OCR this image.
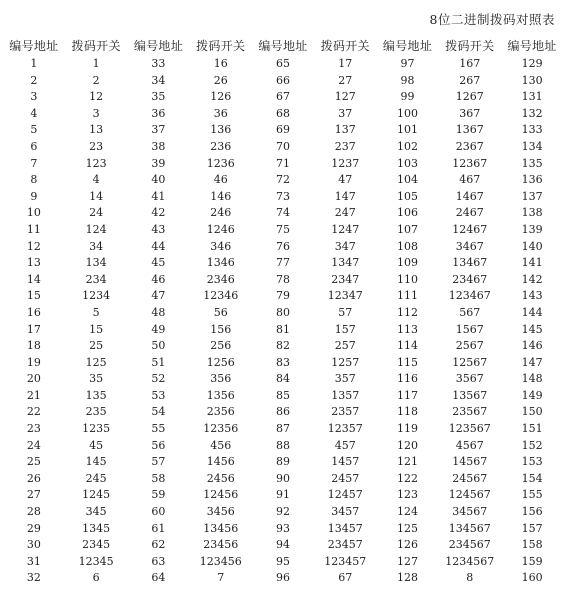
8位二进制拨码对照表
编号地址	拨码开关	编号地址	拨码开关	编号地址	拨码开关	编号地址	拨码开关	编号地址
1	1	33	16	65	17	97	167	129
2	2	34	26	66	27	98	267	130
3	12	35	126	67	127	99	1267	131
4	3	36	36	68	37	100	367	132
5	13	37	136	69	137	101	1367	133
6	23	38	236	70	237	102	2367	134
7	123	39	1236	71	1237	103	12367	135
8	4	40	46	72	47	104	467	136
9	14	41	146	73	147	105	1467	137
10	24	42	246	74	247	106	2467	138
11	124	43	1246	75	1247	107	12467	139
12	34	44	346	76	347	108	3467	140
13	134	45	1346	77	1347	109	13467	141
14	234	46	2346	78	2347	110	23467	142
15	1234	47	12346	79	12347	111	123467	143
16	5	48	56	80	57	112	567	144
17	15	49	156	81	157	113	1567	145
18	25	50	256	82	257	114	2567	146
19	125	51	1256	83	1257	115	12567	147
20	35	52	356	84	357	116	3567	148
21	135	53	1356	85	1357	117	13567	149
22	235	54	2356	86	2357	118	23567	150
23	1235	55	12356	87	12357	119	123567	151
24	45	56	456	88	457	120	4567	152
25	145	57	1456	89	1457	121	14567	153
26	245	58	2456	90	2457	122	24567	154
27	1245	59	12456	91	12457	123	124567	155
28	345	60	3456	92	3457	124	34567	156
29	1345	61	13456	93	13457	125	134567	157
30	2345	62	23456	94	23457	126	234567	158
31	12345	63	123456	95	123457	127	1234567	159
32	6	64	7	96	67	128	8	160
